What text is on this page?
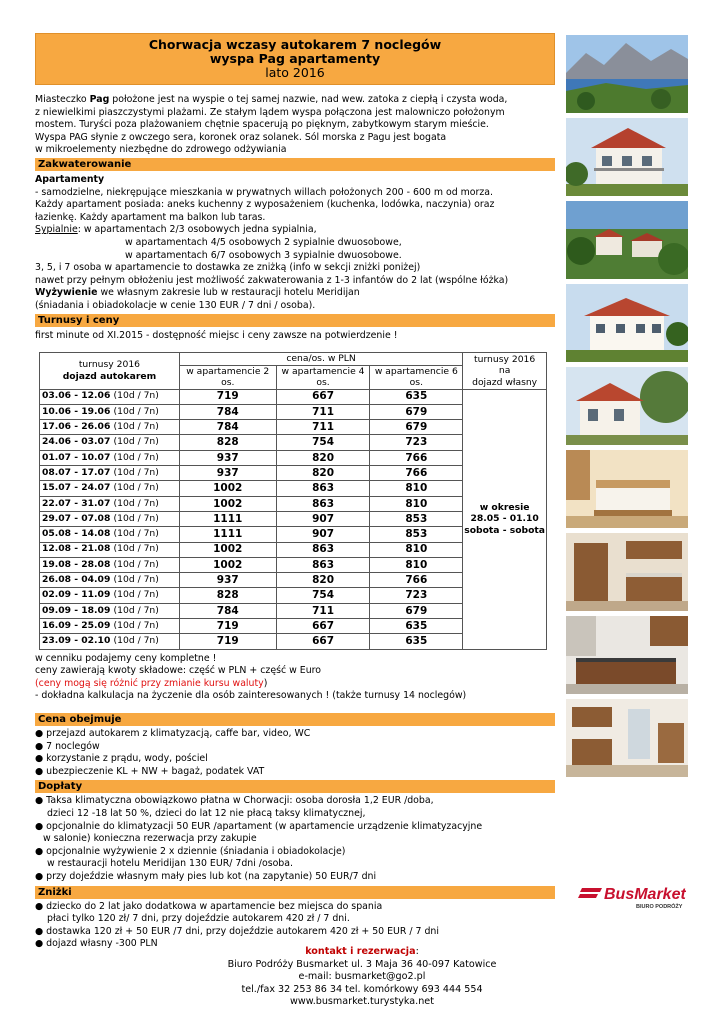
Chorwacja wczasy autokarem 7 noclegów
wyspa Pag apartamenty
lato 2016

Miasteczko Pag położone jest na wyspie o tej samej nazwie, nad wew. zatoka z ciepłą i czysta woda,

z niewielkimi piaszczystymi plażami. Ze stałym lądem wyspa połączona jest malowniczo położonym

mostem. Turyści poza plażowaniem chętnie spacerują po pięknym, zabytkowym starym mieście.

Wyspa PAG słynie z owczego sera, koronek oraz solanek. Sól morska z Pagu jest bogata

w mikroelementy niezbędne do zdrowego odżywiania

Zakwaterowanie

Apartamenty

- samodzielne, niekrępujące mieszkania w prywatnych willach położonych 200 - 600 m od morza.

Każdy apartament posiada: aneks kuchenny z wyposażeniem (kuchenka, lodówka, naczynia) oraz

łazienkę. Każdy apartament ma balkon lub taras.

Sypialnie: w apartamentach 2/3 osobowych jedna sypialnia,

w apartamentach 4/5 osobowych 2 sypialnie dwuosobowe,

w apartamentach 6/7 osobowych 3 sypialnie dwuosobowe.

3, 5, i 7 osoba w apartamencie to dostawka ze zniżką (info w sekcji zniżki poniżej)

nawet przy pełnym obłożeniu jest możliwość zakwaterowania z 1-3 infantów do 2 lat (wspólne łóżka)

Wyżywienie we własnym zakresie lub w restauracji hotelu Meridijan

(śniadania i obiadokolacje w cenie 130 EUR / 7 dni / osoba).

Turnusy i ceny

first minute od XI.2015 - dostępność miejsc i ceny zawsze na potwierdzenie !

turnusy 2016
dojazd autokarem	cena/os. w PLN			turnusy 2016
na
dojazd własny
	w apartamencie 2 os.	w apartamencie 4 os.	w apartamencie 6 os.	
03.06 - 12.06 (10d / 7n)	719	667	635	w okresie
28.05 - 01.10
sobota - sobota
10.06 - 19.06 (10d / 7n)	784	711	679	
17.06 - 26.06 (10d / 7n)	784	711	679	
24.06 - 03.07 (10d / 7n)	828	754	723	
01.07 - 10.07 (10d / 7n)	937	820	766	
08.07 - 17.07 (10d / 7n)	937	820	766	
15.07 - 24.07 (10d / 7n)	1002	863	810	
22.07 - 31.07 (10d / 7n)	1002	863	810	
29.07 - 07.08 (10d / 7n)	1111	907	853	
05.08 - 14.08 (10d / 7n)	1111	907	853	
12.08 - 21.08 (10d / 7n)	1002	863	810	
19.08 - 28.08 (10d / 7n)	1002	863	810	
26.08 - 04.09 (10d / 7n)	937	820	766	
02.09 - 11.09 (10d / 7n)	828	754	723	
09.09 - 18.09 (10d / 7n)	784	711	679	
16.09 - 25.09 (10d / 7n)	719	667	635	
23.09 - 02.10 (10d / 7n)	719	667	635	

w cenniku podajemy ceny kompletne !

ceny zawierają kwoty składowe: część w PLN + część w Euro

(ceny mogą się różnić przy zmianie kursu waluty)

- dokładna kalkulacja na życzenie dla osób zainteresowanych ! (także turnusy 14 noclegów)

Cena obejmuje

● przejazd autokarem z klimatyzacją, caffe bar, video, WC

● 7 noclegów

● korzystanie z prądu, wody, pościel

● ubezpieczenie KL + NW + bagaż, podatek VAT

Dopłaty

● Taksa klimatyczna obowiązkowo płatna w Chorwacji: osoba dorosła 1,2 EUR /doba,

dzieci 12 -18 lat 50 %, dzieci do lat 12 nie płacą taksy klimatycznej,

● opcjonalnie do klimatyzacji 50 EUR /apartament (w apartamencie urządzenie klimatyzacyjne

w salonie) konieczna rezerwacja przy zakupie

● opcjonalnie wyżywienie 2 x dziennie (śniadania i obiadokolacje)

w restauracji hotelu Meridijan 130 EUR/ 7dni /osoba.

● przy dojeździe własnym mały pies lub kot (na zapytanie) 50 EUR/7 dni

Zniżki

● dziecko do 2 lat jako dodatkowa w apartamencie bez miejsca do spania

płaci tylko 120 zł/ 7 dni, przy dojeździe autokarem 420 zł / 7 dni.

● dostawka 120 zł + 50 EUR /7 dni, przy dojeździe autokarem 420 zł + 50 EUR / 7 dni

● dojazd własny -300 PLN

BusMarket
BIURO PODRÓŻY
kontakt i rezerwacja:
Biuro Podróży Busmarket ul. 3 Maja 36 40-097 Katowice
e-mail: busmarket@go2.pl
tel./fax 32 253 86 34 tel. komórkowy 693 444 554
www.busmarket.turystyka.net
